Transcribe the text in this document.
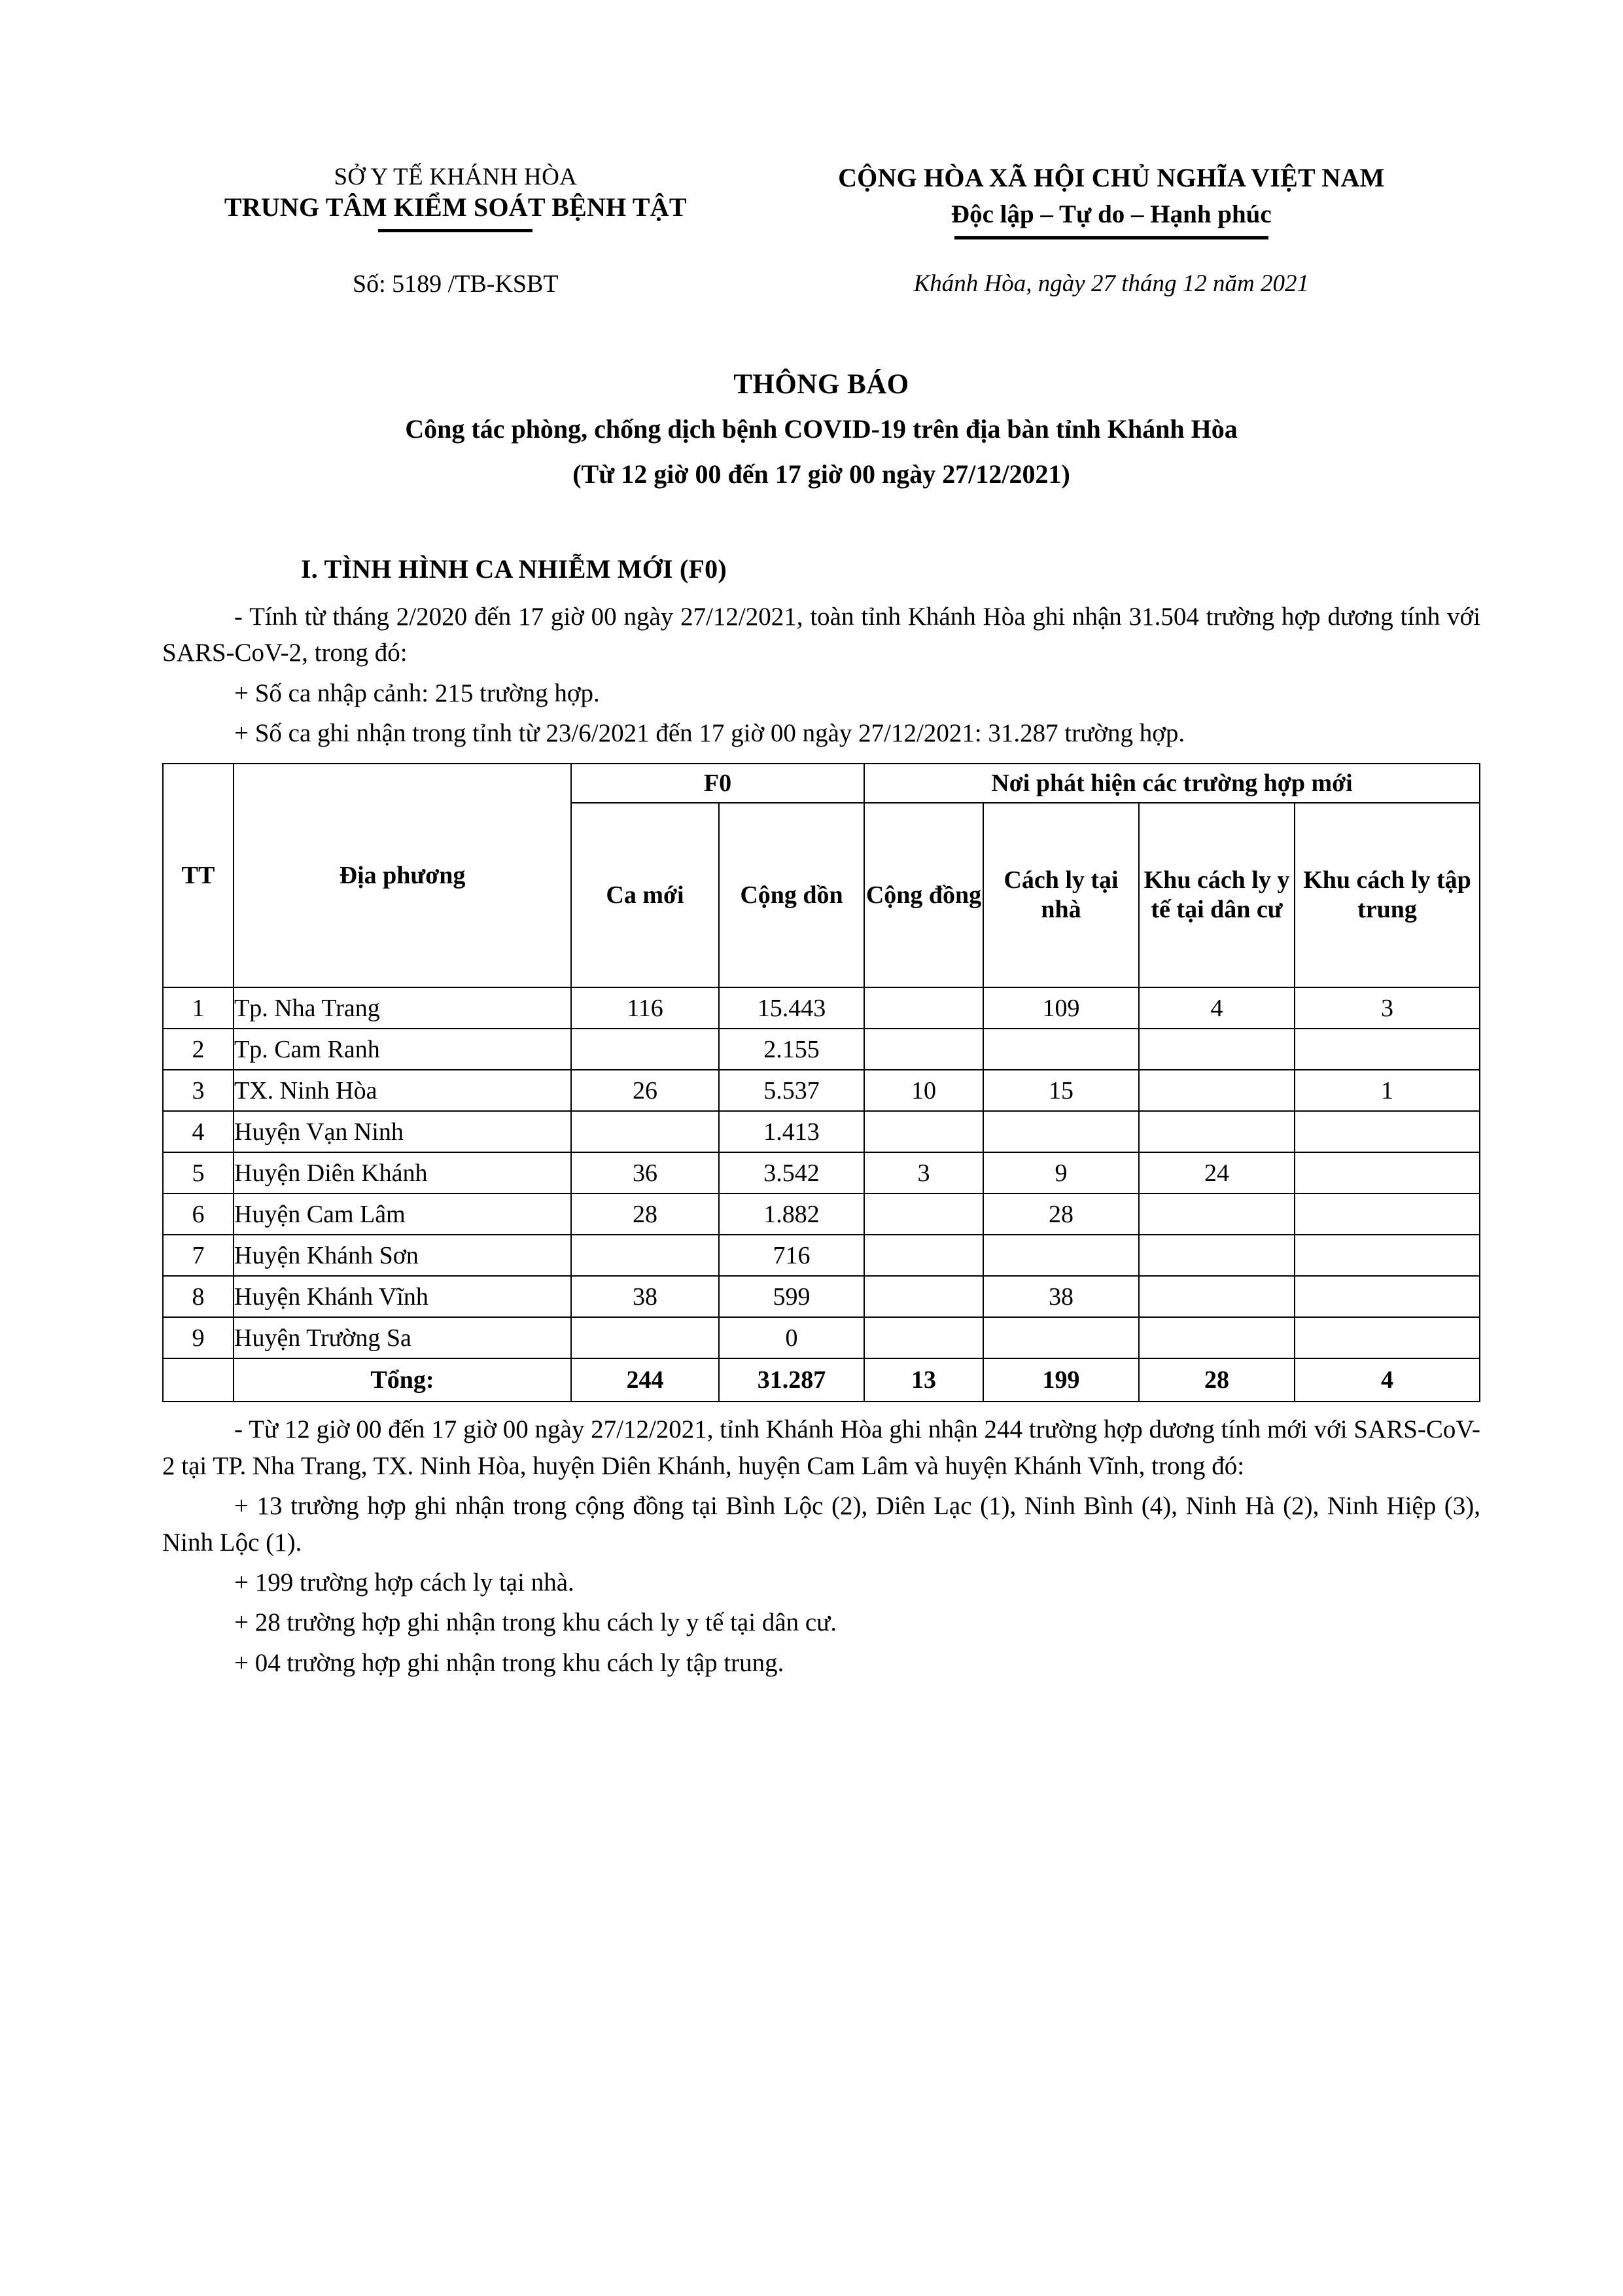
SỞ Y TẾ KHÁNH HÒA
TRUNG TÂM KIỂM SOÁT BỆNH TẬT
CỘNG HÒA XÃ HỘI CHỦ NGHĨA VIỆT NAM
Độc lập – Tự do – Hạnh phúc
Số: 5189 /TB-KSBT	Khánh Hòa, ngày 27 tháng 12 năm 2021
THÔNG BÁO
Công tác phòng, chống dịch bệnh COVID-19 trên địa bàn tỉnh Khánh Hòa
(Từ 12 giờ 00 đến 17 giờ 00 ngày 27/12/2021)
I. TÌNH HÌNH CA NHIỄM MỚI (F0)

- Tính từ tháng 2/2020 đến 17 giờ 00 ngày 27/12/2021, toàn tỉnh Khánh Hòa ghi nhận 31.504 trường hợp dương tính với SARS-CoV-2, trong đó:

+ Số ca nhập cảnh: 215 trường hợp.

+ Số ca ghi nhận trong tỉnh từ 23/6/2021 đến 17 giờ 00 ngày 27/12/2021: 31.287 trường hợp.

TT	Địa phương	F0		Nơi phát hiện các trường hợp mới			
		Ca mới	Cộng dồn	Cộng đồng	Cách ly tại nhà	Khu cách ly y tế tại dân cư	Khu cách ly tập trung
1	Tp. Nha Trang	116	15.443		109	4	3
2	Tp. Cam Ranh		2.155				
3	TX. Ninh Hòa	26	5.537	10	15		1
4	Huyện Vạn Ninh		1.413				
5	Huyện Diên Khánh	36	3.542	3	9	24	
6	Huyện Cam Lâm	28	1.882		28		
7	Huyện Khánh Sơn		716				
8	Huyện Khánh Vĩnh	38	599		38		
9	Huyện Trường Sa		0				
	Tổng:	244	31.287	13	199	28	4

- Từ 12 giờ 00 đến 17 giờ 00 ngày 27/12/2021, tỉnh Khánh Hòa ghi nhận 244 trường hợp dương tính mới với SARS-CoV-2 tại TP. Nha Trang, TX. Ninh Hòa, huyện Diên Khánh, huyện Cam Lâm và huyện Khánh Vĩnh, trong đó:

+ 13 trường hợp ghi nhận trong cộng đồng tại Bình Lộc (2), Diên Lạc (1), Ninh Bình (4), Ninh Hà (2), Ninh Hiệp (3), Ninh Lộc (1).

+ 199 trường hợp cách ly tại nhà.

+ 28 trường hợp ghi nhận trong khu cách ly y tế tại dân cư.

+ 04 trường hợp ghi nhận trong khu cách ly tập trung.
